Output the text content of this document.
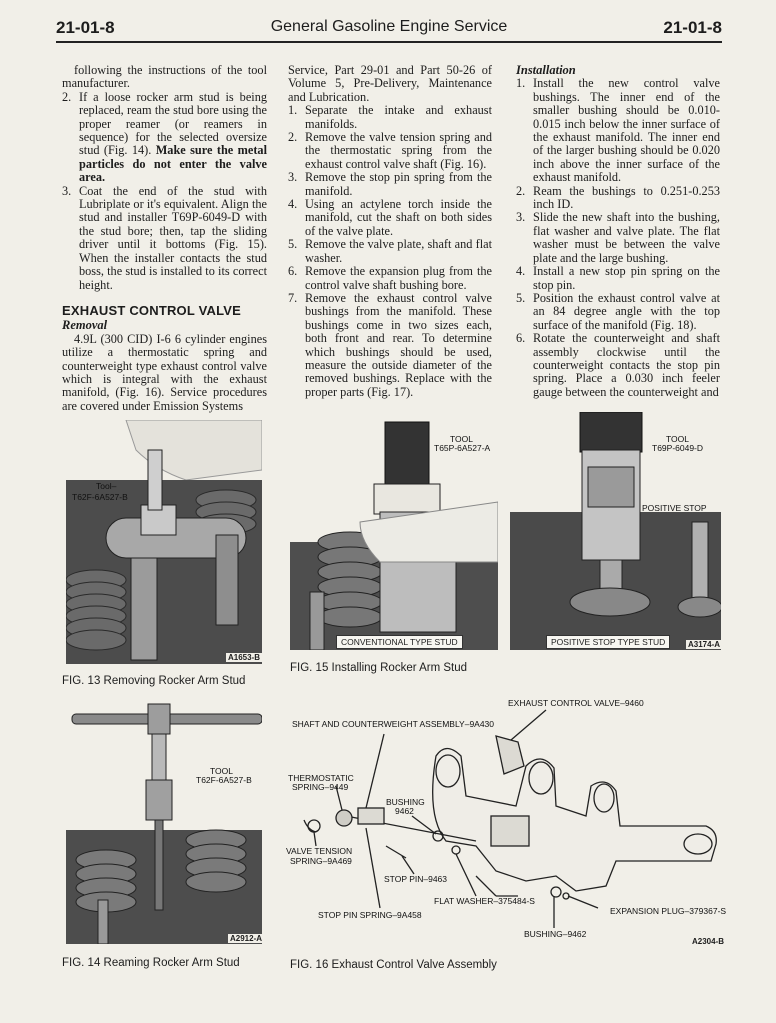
21-01-8	General Gasoline Engine Service	21-01-8

following the instructions of the tool manufacturer.

2. If a loose rocker arm stud is being replaced, ream the stud bore using the proper reamer (or reamers in sequence) for the selected oversize stud (Fig. 14). Make sure the metal particles do not enter the valve area.
3. Coat the end of the stud with Lubriplate or it's equivalent. Align the stud and installer T69P-6049-D with the stud bore; then, tap the sliding driver until it bottoms (Fig. 15). When the installer contacts the stud boss, the stud is installed to its correct height.
EXHAUST CONTROL VALVE
Removal

4.9L (300 CID) I-6 6 cylinder engines utilize a thermostatic spring and counterweight type exhaust control valve which is integral with the exhaust manifold, (Fig. 16). Service procedures are covered under Emission Systems

Service, Part 29-01 and Part 50-26 of Volume 5, Pre-Delivery, Maintenance and Lubrication.

1. Separate the intake and exhaust manifolds.
2. Remove the valve tension spring and the thermostatic spring from the exhaust control valve shaft (Fig. 16).
3. Remove the stop pin spring from the manifold.
4. Using an actylene torch inside the manifold, cut the shaft on both sides of the valve plate.
5. Remove the valve plate, shaft and flat washer.
6. Remove the expansion plug from the control valve shaft bushing bore.
7. Remove the exhaust control valve bushings from the manifold. These bushings come in two sizes each, both front and rear. To determine which bushings should be used, measure the outside diameter of the removed bushings. Replace with the proper parts (Fig. 17).
Installation
1. Install the new control valve bushings. The inner end of the smaller bushing should be 0.010-0.015 inch below the inner surface of the exhaust manifold. The inner end of the larger bushing should be 0.020 inch above the inner surface of the exhaust manifold.
2. Ream the bushings to 0.251-0.253 inch ID.
3. Slide the new shaft into the bushing, flat washer and valve plate. The flat washer must be between the valve plate and the large bushing.
4. Install a new stop pin spring on the stop pin.
5. Position the exhaust control valve at an 84 degree angle with the top surface of the manifold (Fig. 18).
6. Rotate the counterweight and shaft assembly clockwise until the counterweight contacts the stop pin spring. Place a 0.030 inch feeler gauge between the counterweight and
Tool–
T62F-6A527-B
A1653-B
FIG. 13 Removing Rocker Arm Stud
TOOL
T65P-6A527-A
TOOL
T69P-6049-D
POSITIVE STOP
CONVENTIONAL TYPE STUD	POSITIVE STOP TYPE STUD	A3174-A
FIG. 15 Installing Rocker Arm Stud
TOOL
T62F-6A527-B
A2912-A
FIG. 14 Reaming Rocker Arm Stud
EXHAUST CONTROL VALVE–9460
SHAFT AND COUNTERWEIGHT ASSEMBLY–9A430
THERMOSTATIC
SPRING–9449
BUSHING
9462
VALVE TENSION
SPRING–9A469
STOP PIN–9463
FLAT WASHER–375484-S
STOP PIN SPRING–9A458	EXPANSION PLUG–379367-S
BUSHING–9462
A2304-B
FIG. 16 Exhaust Control Valve Assembly
